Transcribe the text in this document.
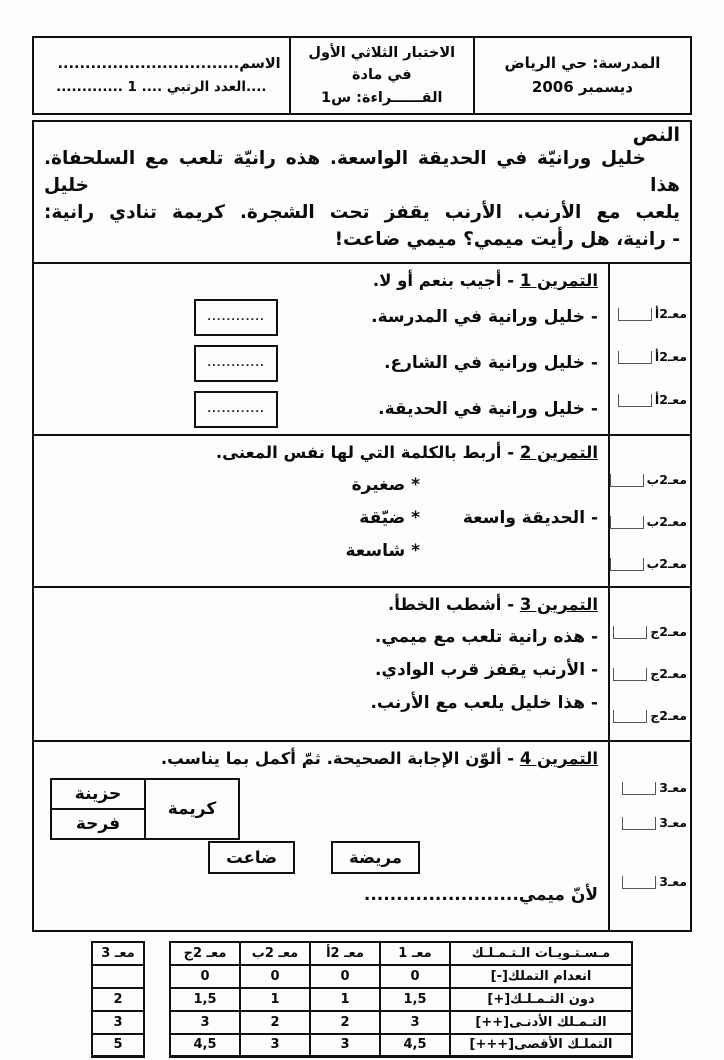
المدرسة: حي الرياض
ديسمبر 2006

الاختبار الثلاثي الأول في مادة
القــــــراءة: س1

الاسم.................................
............. 1 .... العدد الرتبي....
النص
خليل ورانيّة في الحديقة الواسعة. هذه رانيّة تلعب مع السلحفاة. هذا خليل
يلعب مع الأرنب. الأرنب يقفز تحت الشجرة. كريمة تنادي رانية:
- رانية، هل رأيت ميمي؟ ميمي ضاعت!
التمرين 1 - أجيب بنعم أو لا.
- خليل ورانية في المدرسة.
............
- خليل ورانية في الشارع.
............
- خليل ورانية في الحديقة.
............
معـ2أ
معـ2أ
معـ2أ
التمرين 2 - أربط بالكلمة التي لها نفس المعنى.
* صغيرة
- الحديقة واسعة
* ضيّقة
* شاسعة
معـ2ب
معـ2ب
معـ2ب
التمرين 3 - أشطب الخطأ.
- هذه رانية تلعب مع ميمي.
- الأرنب يقفز قرب الوادي.
- هذا خليل يلعب مع الأرنب.
معـ2ج
معـ2ج
معـ2ج
التمرين 4 - ألوّن الإجابة الصحيحة. ثمّ أكمل بما يناسب.
كريمة	حزينة
فرحة
مريضة
ضاعت
لأنّ ميمي........................
معـ3
معـ3
معـ3
مـسـتـويـات الـتـمـلـك	معـ 1	معـ 2أ	معـ 2ب	معـ 2ج		معـ 3
انعدام التملك[-]	0	0	0	0		
دون التـمـلـك[+]	1,5	1	1	1,5		2
التـمـلك الأدنـى[++]	3	2	2	3		3
التملـك الأقصى[+++]	4,5	3	3	4,5		5
